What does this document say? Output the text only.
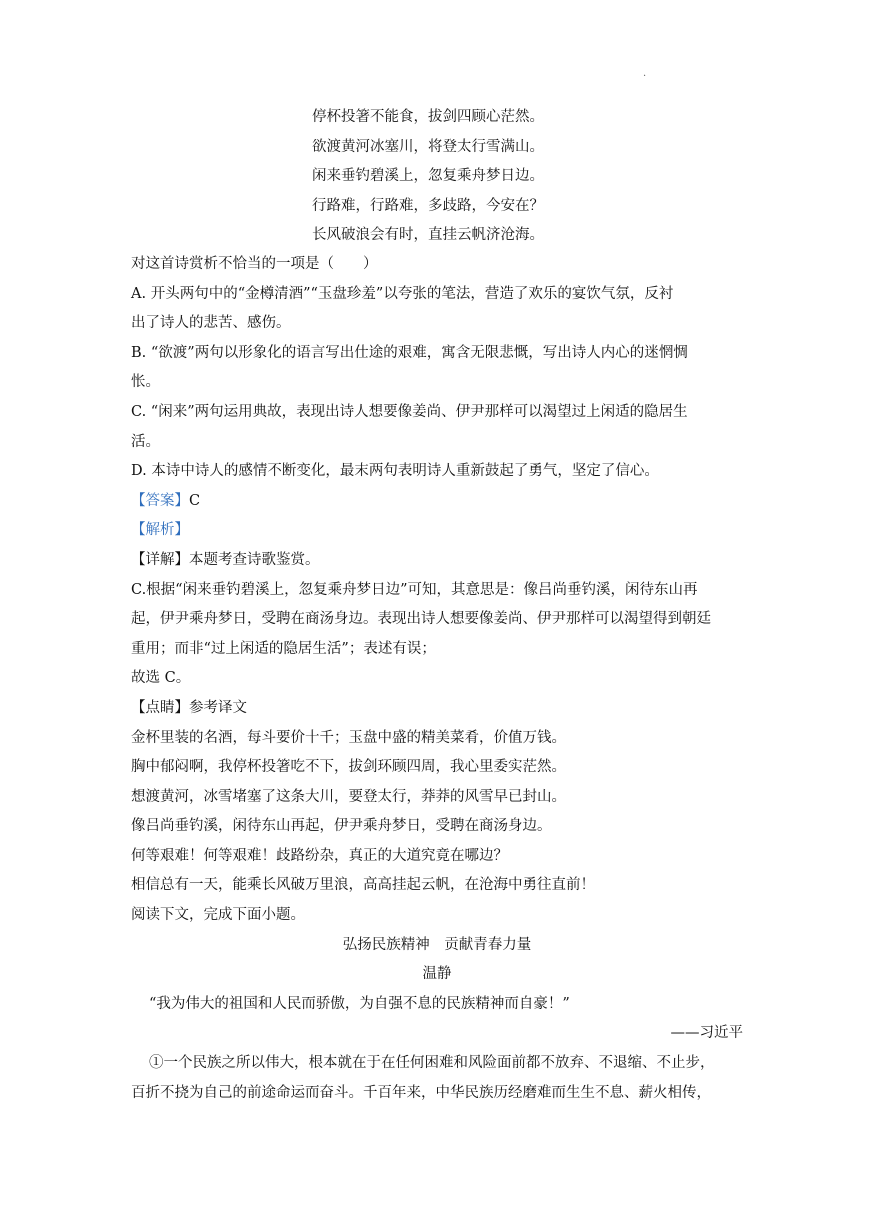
·
停杯投箸不能食，拔剑四顾心茫然。
欲渡黄河冰塞川，将登太行雪满山。
闲来垂钓碧溪上，忽复乘舟梦日边。
行路难，行路难，多歧路，今安在？
长风破浪会有时，直挂云帆济沧海。
对这首诗赏析不恰当的一项是（　　）
A. 开头两句中的“金樽清酒”“玉盘珍羞”以夸张的笔法，营造了欢乐的宴饮气氛，反衬
出了诗人的悲苦、感伤。
B. “欲渡”两句以形象化的语言写出仕途的艰难，寓含无限悲慨，写出诗人内心的迷惘惆
怅。
C. “闲来”两句运用典故，表现出诗人想要像姜尚、伊尹那样可以渴望过上闲适的隐居生
活。
D. 本诗中诗人的感情不断变化，最末两句表明诗人重新鼓起了勇气，坚定了信心。
【答案】C
【解析】
【详解】本题考查诗歌鉴赏。
C.根据“闲来垂钓碧溪上，忽复乘舟梦日边”可知，其意思是：像吕尚垂钓溪，闲待东山再
起，伊尹乘舟梦日，受聘在商汤身边。表现出诗人想要像姜尚、伊尹那样可以渴望得到朝廷
重用；而非“过上闲适的隐居生活”；表述有误；
故选 C。
【点睛】参考译文
金杯里装的名酒，每斗要价十千；玉盘中盛的精美菜肴，价值万钱。
胸中郁闷啊，我停杯投箸吃不下，拔剑环顾四周，我心里委实茫然。
想渡黄河，冰雪堵塞了这条大川，要登太行，莽莽的风雪早已封山。
像吕尚垂钓溪，闲待东山再起，伊尹乘舟梦日，受聘在商汤身边。
何等艰难！何等艰难！歧路纷杂，真正的大道究竟在哪边？
相信总有一天，能乘长风破万里浪，高高挂起云帆，在沧海中勇往直前！
阅读下文，完成下面小题。
弘扬民族精神　贡献青春力量
温静
“我为伟大的祖国和人民而骄傲，为自强不息的民族精神而自豪！”
——习近平
①一个民族之所以伟大，根本就在于在任何困难和风险面前都不放弃、不退缩、不止步，
百折不挠为自己的前途命运而奋斗。千百年来，中华民族历经磨难而生生不息、薪火相传，
